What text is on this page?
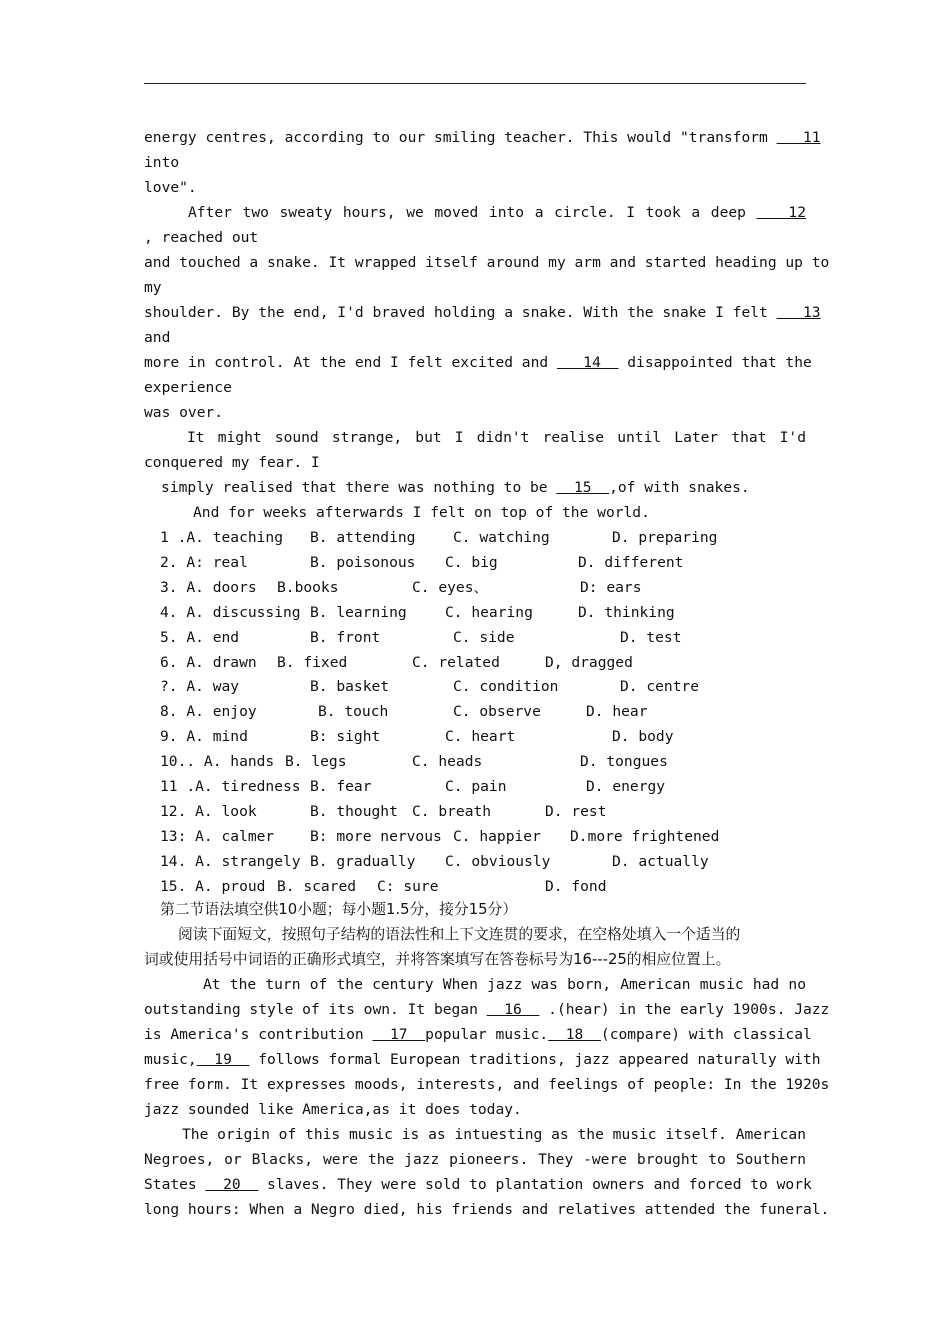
energy centres, according to our smiling teacher. This would "transform    11
into
love".
After two sweaty hours, we moved into a circle. I took a deep    12
, reached out
and touched a snake. It wrapped itself around my arm and started heading up to
my
shoulder. By the end, I'd braved holding a snake. With the snake I felt    13
and
more in control. At the end I felt excited and    14   disappointed that the
experience
was over.
It might sound strange, but I didn't realise until Later that I'd
conquered my fear. I
simply realised that there was nothing to be   15  ,of with snakes.
And for weeks afterwards I felt on top of the world.
1 .A. teaching B. attending	C. watching	D. preparing
2. A: real	B. poisonous C. big	D. different
3. A. doors B.books	C. eyes、	D: ears
4. A. discussing B. learning	C. hearing	D. thinking
5. A. end	B. front	C. side	D. test
6. A. drawn B. fixed	C. related	D, dragged
?. A. way	B. basket	C. condition	D. centre
8. A. enjoy	B. touch	C. observe	D. hear
9. A. mind	B: sight	C. heart	D. body
10.. A. hands B. legs	C. heads	D. tongues
11 .A. tiredness B. fear	C. pain	D. energy
12. A. look	B. thought C. breath	D. rest
13: A. calmer B: more nervous C. happier D.more frightened
14. A. strangely B. gradually C. obviously	D. actually
15. A. proud B. scared C: sure	D. fond
第二节语法填空供10小题；每小题1.5分，接分15分）
阅读下面短文，按照句子结构的语法性和上下文连贯的要求，在空格处填入一个适当的
词或使用括号中词语的正确形式填空，并将答案填写在答卷标号为16---25的相应位置上。
At the turn of the century When jazz was born, American music had no
outstanding style of its own. It began   16   .(hear) in the early 1900s. Jazz
is America's contribution   17  popular music.  18  (compare) with classical
music,  19   follows formal European traditions, jazz appeared naturally with
free form. It expresses moods, interests, and feelings of people: In the 1920s
jazz sounded like America,as it does today.
The origin of this music is as intuesting as the music itself. American
Negroes, or Blacks, were the jazz pioneers. They -were brought to Southern
States   20   slaves. They were sold to plantation owners and forced to work
long hours: When a Negro died, his friends and relatives attended the funeral.
